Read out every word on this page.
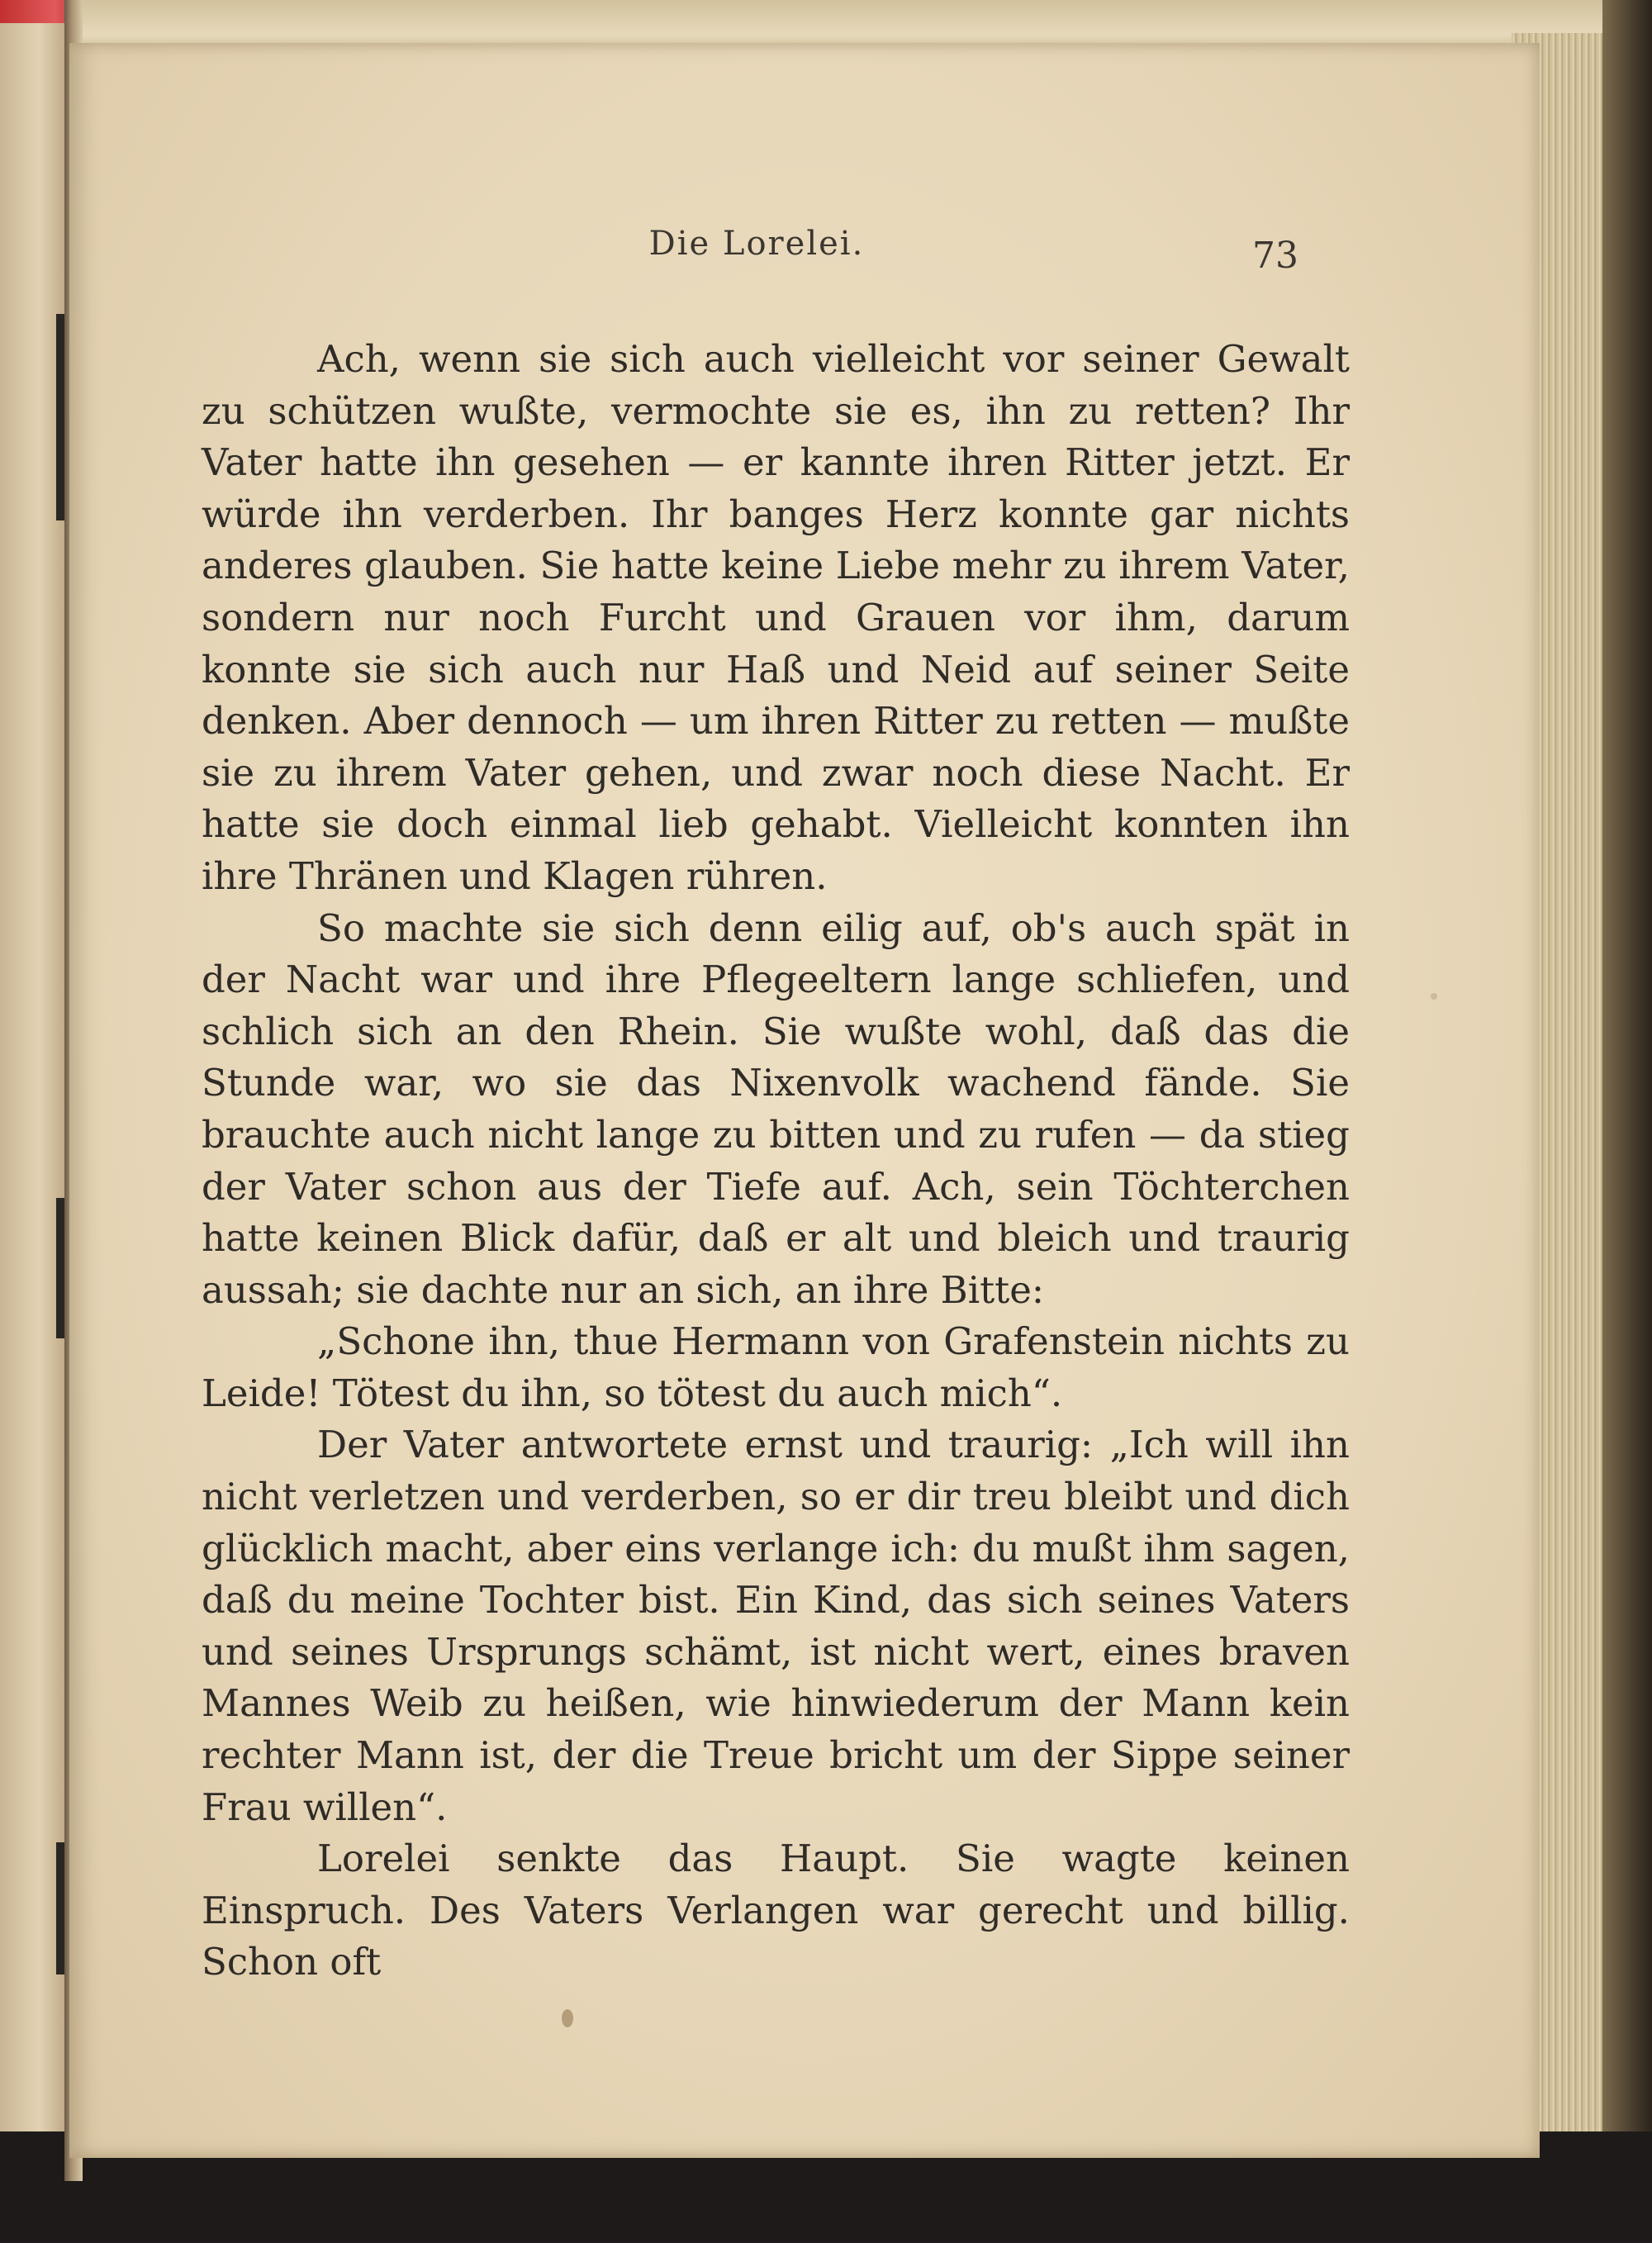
Die Lorelei.	73

Ach, wenn sie sich auch vielleicht vor seiner Gewalt zu schützen wußte, vermochte sie es, ihn zu retten? Ihr Vater hatte ihn gesehen — er kannte ihren Ritter jetzt. Er würde ihn verderben. Ihr banges Herz konnte gar nichts anderes glauben. Sie hatte keine Liebe mehr zu ihrem Vater, sondern nur noch Furcht und Grauen vor ihm, darum konnte sie sich auch nur Haß und Neid auf seiner Seite denken. Aber dennoch — um ihren Ritter zu retten — mußte sie zu ihrem Vater gehen, und zwar noch diese Nacht. Er hatte sie doch einmal lieb gehabt. Vielleicht konnten ihn ihre Thränen und Klagen rühren.

So machte sie sich denn eilig auf, ob's auch spät in der Nacht war und ihre Pflegeeltern lange schliefen, und schlich sich an den Rhein. Sie wußte wohl, daß das die Stunde war, wo sie das Nixenvolk wachend fände. Sie brauchte auch nicht lange zu bitten und zu rufen — da stieg der Vater schon aus der Tiefe auf. Ach, sein Töchterchen hatte keinen Blick dafür, daß er alt und bleich und traurig aussah; sie dachte nur an sich, an ihre Bitte:

„Schone ihn, thue Hermann von Grafenstein nichts zu Leide! Tötest du ihn, so tötest du auch mich“.

Der Vater antwortete ernst und traurig: „Ich will ihn nicht verletzen und verderben, so er dir treu bleibt und dich glücklich macht, aber eins verlange ich: du mußt ihm sagen, daß du meine Tochter bist. Ein Kind, das sich seines Vaters und seines Ursprungs schämt, ist nicht wert, eines braven Mannes Weib zu heißen, wie hinwiederum der Mann kein rechter Mann ist, der die Treue bricht um der Sippe seiner Frau willen“.

Lorelei senkte das Haupt. Sie wagte keinen Einspruch. Des Vaters Verlangen war gerecht und billig. Schon oft
